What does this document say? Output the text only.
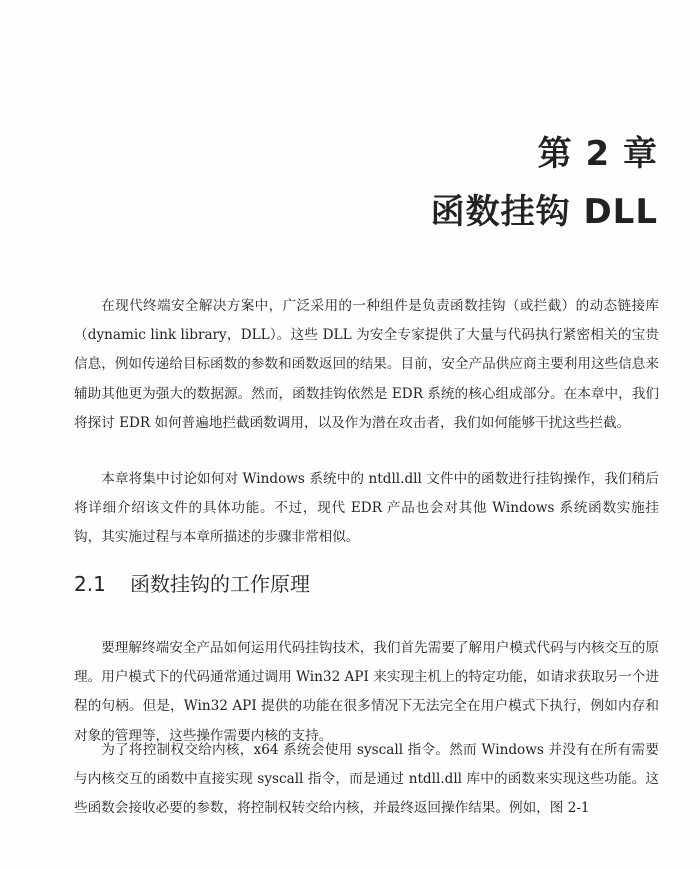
第 2 章
函数挂钩 DLL

在现代终端安全解决方案中，广泛采用的一种组件是负责函数挂钩（或拦截）的动态链接库（dynamic link library，DLL）。这些 DLL 为安全专家提供了大量与代码执行紧密相关的宝贵信息，例如传递给目标函数的参数和函数返回的结果。目前，安全产品供应商主要利用这些信息来辅助其他更为强大的数据源。然而，函数挂钩依然是 EDR 系统的核心组成部分。在本章中，我们将探讨 EDR 如何普遍地拦截函数调用，以及作为潜在攻击者，我们如何能够干扰这些拦截。

本章将集中讨论如何对 Windows 系统中的 ntdll.dll 文件中的函数进行挂钩操作，我们稍后将详细介绍该文件的具体功能。不过，现代 EDR 产品也会对其他 Windows 系统函数实施挂钩，其实施过程与本章所描述的步骤非常相似。

2.1 函数挂钩的工作原理

要理解终端安全产品如何运用代码挂钩技术，我们首先需要了解用户模式代码与内核交互的原理。用户模式下的代码通常通过调用 Win32 API 来实现主机上的特定功能，如请求获取另一个进程的句柄。但是，Win32 API 提供的功能在很多情况下无法完全在用户模式下执行，例如内存和对象的管理等，这些操作需要内核的支持。

为了将控制权交给内核，x64 系统会使用 syscall 指令。然而 Windows 并没有在所有需要与内核交互的函数中直接实现 syscall 指令，而是通过 ntdll.dll 库中的函数来实现这些功能。这些函数会接收必要的参数，将控制权转交给内核，并最终返回操作结果。例如，图 2-1
